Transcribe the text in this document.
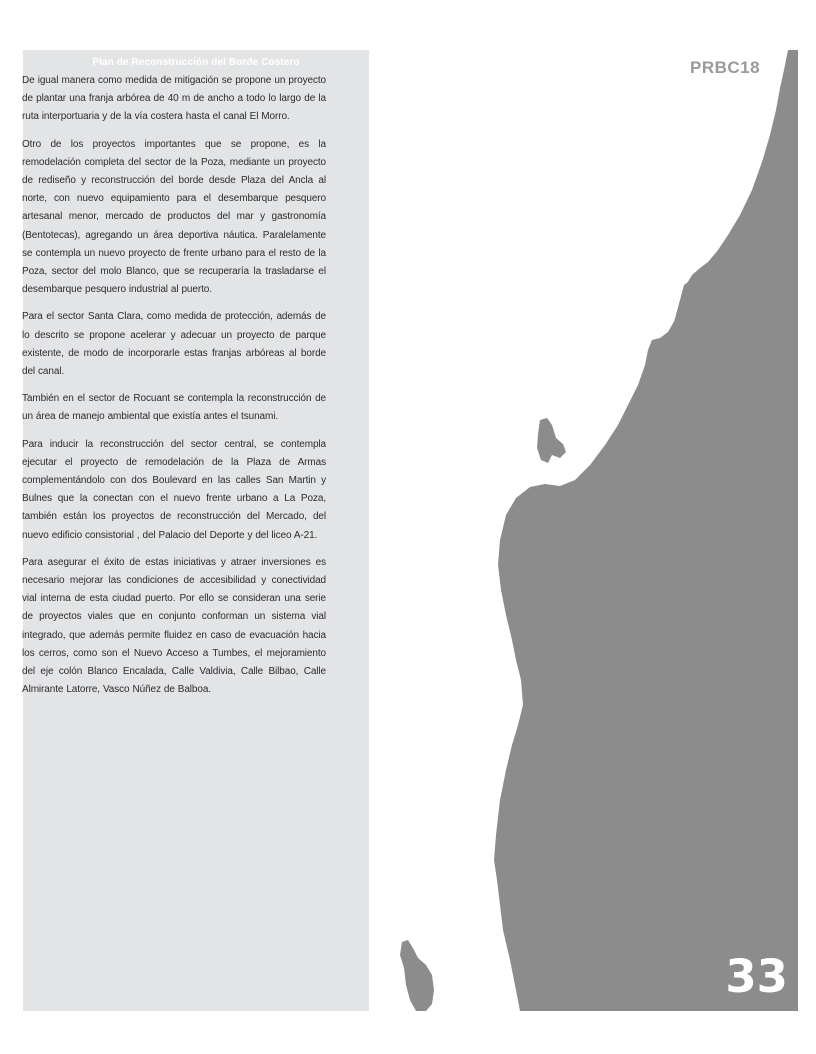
Plan de Reconstrucción del Borde Costero

De igual manera como medida de mitigación se propone un proyecto de plantar una franja arbórea de 40 m de ancho a todo lo largo de la ruta interportuaria y de la vía costera hasta el canal El Morro.

Otro de los proyectos importantes que se propone, es la remodelación completa del sector de la Poza, mediante un proyecto de rediseño y reconstrucción del borde desde Plaza del Ancla al norte, con nuevo equipamiento para el desembarque pesquero artesanal menor, mercado de productos del mar y gastronomía (Bentotecas), agregando un área deportiva náutica. Paralelamente se contempla un nuevo proyecto de frente urbano para el resto de la Poza, sector del molo Blanco, que se recuperaría la trasladarse el desembarque pesquero industrial al puerto.

Para el sector Santa Clara, como medida de protección, además de lo descrito se propone acelerar y adecuar un proyecto de parque existente, de modo de incorporarle estas franjas arbóreas al borde del canal.

También en el sector de Rocuant se contempla la reconstrucción de un área de manejo ambiental que existía antes el tsunami.

Para inducir la reconstrucción del sector central, se contempla ejecutar el proyecto de remodelación de la Plaza de Armas complementándolo con dos Boulevard en las calles San Martin y Bulnes que la conectan con el nuevo frente urbano a La Poza, también están los proyectos de reconstrucción del Mercado, del nuevo edificio consistorial , del Palacio del Deporte y del liceo A-21.

Para asegurar el éxito de estas iniciativas y atraer inversiones es necesario mejorar las condiciones de accesibilidad y conectividad vial interna de esta ciudad puerto. Por ello se consideran una serie de proyectos viales que en conjunto conforman un sistema vial integrado, que además permite fluidez en caso de evacuación hacia los cerros, como son el Nuevo Acceso a Tumbes, el mejoramiento del eje colón Blanco Encalada, Calle Valdivia, Calle Bilbao, Calle Almirante Latorre, Vasco Núñez de Balboa.

PRBC18
33
